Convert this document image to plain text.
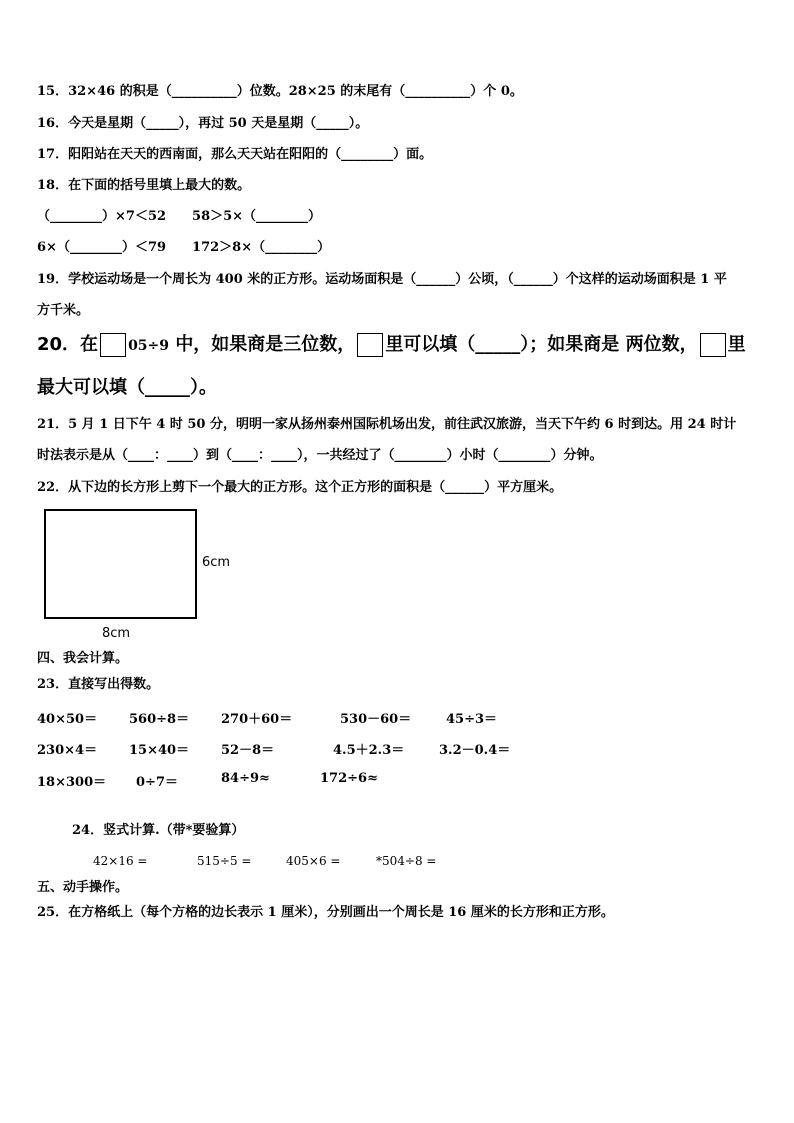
15．32×46 的积是（__________）位数。28×25 的末尾有（__________）个 0。
16．今天是星期（_____），再过 50 天是星期（_____）。
17．阳阳站在天天的西南面，那么天天站在阳阳的（________）面。
18．在下面的括号里填上最大的数。
（________）×7＜52　　58＞5×（________）
6×（________）＜79　　172＞8×（________）
19．学校运动场是一个周长为 400 米的正方形。运动场面积是（______）公顷，（______）个这样的运动场面积是 1 平
方千米。
20．在 05÷9 中，如果商是三位数， 里可以填（_____）；如果商是 两位数， 里
最大可以填（_____）。
21．5 月 1 日下午 4 时 50 分，明明一家从扬州泰州国际机场出发，前往武汉旅游，当天下午约 6 时到达。用 24 时计
时法表示是从（____：____）到（____：____），一共经过了（________）小时（________）分钟。
22．从下边的长方形上剪下一个最大的正方形。这个正方形的面积是（______）平方厘米。
6cm
8cm
四、我会计算。
23．直接写出得数。
40×50＝ 560÷8＝ 270＋60＝	530－60＝	45÷3＝
230×4＝ 15×40＝ 52－8＝	4.5＋2.3＝	3.2－0.4＝
18×300＝ 0÷7＝	84÷9≈	172÷6≈
24．竖式计算.（带*要验算）
42×16 =	515÷5 =	405×6 =	*504÷8 =
五、动手操作。
25．在方格纸上（每个方格的边长表示 1 厘米），分别画出一个周长是 16 厘米的长方形和正方形。
